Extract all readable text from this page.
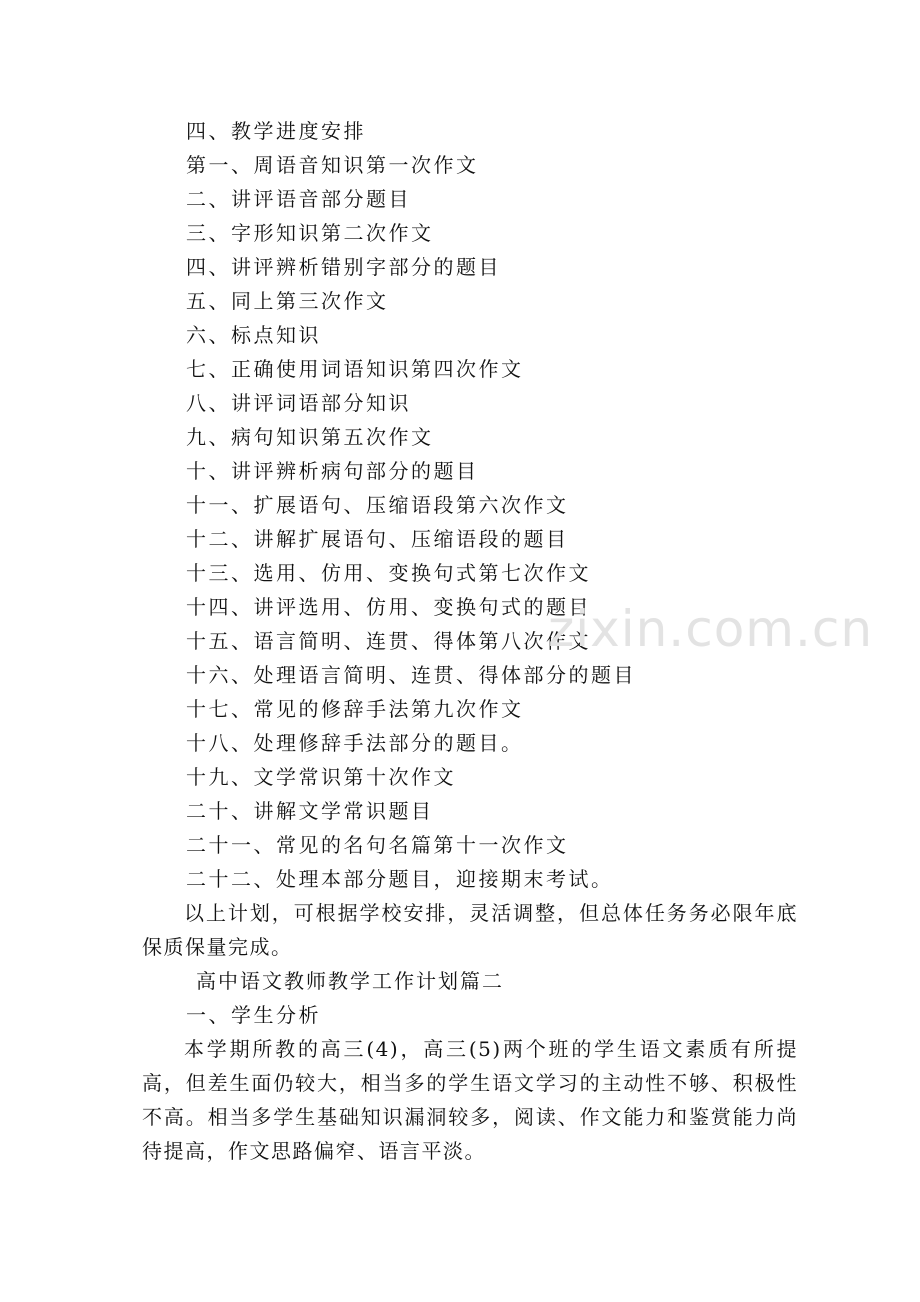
四、教学进度安排
第一、周语音知识第一次作文
二、讲评语音部分题目
三、字形知识第二次作文
四、讲评辨析错别字部分的题目
五、同上第三次作文
六、标点知识
七、正确使用词语知识第四次作文
八、讲评词语部分知识
九、病句知识第五次作文
十、讲评辨析病句部分的题目
十一、扩展语句、压缩语段第六次作文
十二、讲解扩展语句、压缩语段的题目
十三、选用、仿用、变换句式第七次作文
十四、讲评选用、仿用、变换句式的题目
十五、语言简明、连贯、得体第八次作文
十六、处理语言简明、连贯、得体部分的题目
十七、常见的修辞手法第九次作文
十八、处理修辞手法部分的题目。
十九、文学常识第十次作文
二十、讲解文学常识题目
二十一、常见的名句名篇第十一次作文
二十二、处理本部分题目，迎接期末考试。
以上计划，可根据学校安排，灵活调整，但总体任务务必限年底保质保量完成。
高中语文教师教学工作计划篇二
一、学生分析
本学期所教的高三(4)，高三(5)两个班的学生语文素质有所提高，但差生面仍较大，相当多的学生语文学习的主动性不够、积极性不高。相当多学生基础知识漏洞较多，阅读、作文能力和鉴赏能力尚待提高，作文思路偏窄、语言平淡。
zixin.com.cn
